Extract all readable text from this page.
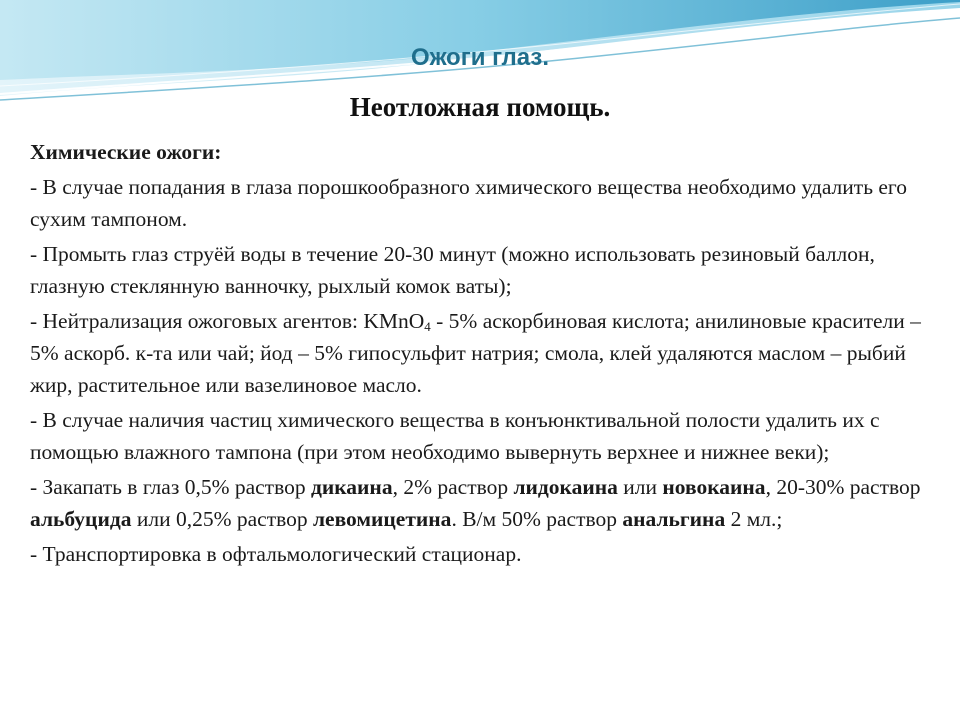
Ожоги глаз.
Неотложная помощь.

Химические ожоги:

- В случае попадания в глаза порошкообразного химического вещества необходимо удалить его сухим тампоном.

- Промыть глаз струёй воды в течение 20-30 минут (можно использовать резиновый баллон, глазную стеклянную ванночку, рыхлый комок ваты);

- Нейтрализация ожоговых агентов: KMnO$_4$ - 5% аскорбиновая кислота; анилиновые красители – 5% аскорб. к-та или чай; йод – 5% гипосульфит натрия; смола, клей удаляются маслом – рыбий жир, растительное или вазелиновое масло.

- В случае наличия частиц химического вещества в конъюнктивальной полости удалить их с помощью влажного тампона (при этом необходимо вывернуть верхнее и нижнее веки);

- Закапать в глаз 0,5% раствор дикаина, 2% раствор лидокаина или новокаина, 20-30% раствор альбуцида или 0,25% раствор левомицетина. В/м 50% раствор анальгина 2 мл.;

- Транспортировка в офтальмологический стационар.
